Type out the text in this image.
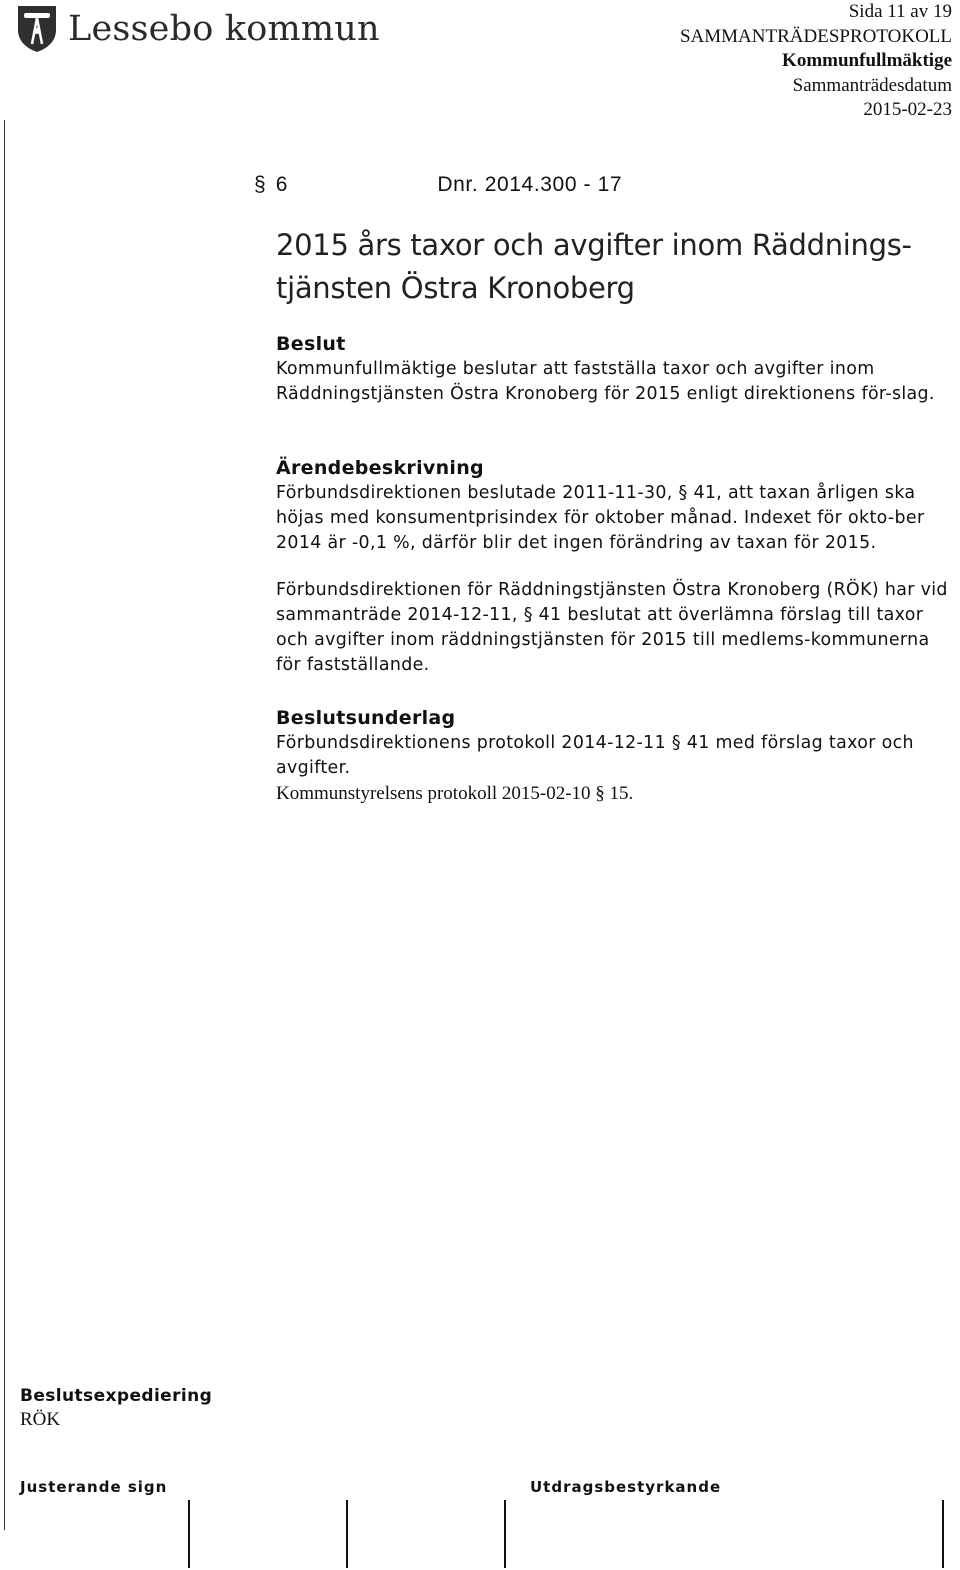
Lessebo kommun	Sida 11 av 19
SAMMANTRÄDESPROTOKOLL
Kommunfullmäktige
Sammanträdesdatum
2015-02-23
§ 6	Dnr. 2014.300 - 17
2015 års taxor och avgifter inom Räddnings-tjänsten Östra Kronoberg
Beslut
Kommunfullmäktige beslutar att fastställa taxor och avgifter inom Räddningstjänsten Östra Kronoberg för 2015 enligt direktionens för-slag.
Ärendebeskrivning
Förbundsdirektionen beslutade 2011-11-30, § 41, att taxan årligen ska höjas med konsumentprisindex för oktober månad. Indexet för okto-ber 2014 är -0,1 %, därför blir det ingen förändring av taxan för 2015.
Förbundsdirektionen för Räddningstjänsten Östra Kronoberg (RÖK) har vid sammanträde 2014-12-11, § 41 beslutat att överlämna förslag till taxor och avgifter inom räddningstjänsten för 2015 till medlems-kommunerna för fastställande.
Beslutsunderlag
Förbundsdirektionens protokoll 2014-12-11 § 41 med förslag taxor och avgifter.
Kommunstyrelsens protokoll 2015-02-10 § 15.
Beslutsexpediering
RÖK
Justerande sign	Utdragsbestyrkande
